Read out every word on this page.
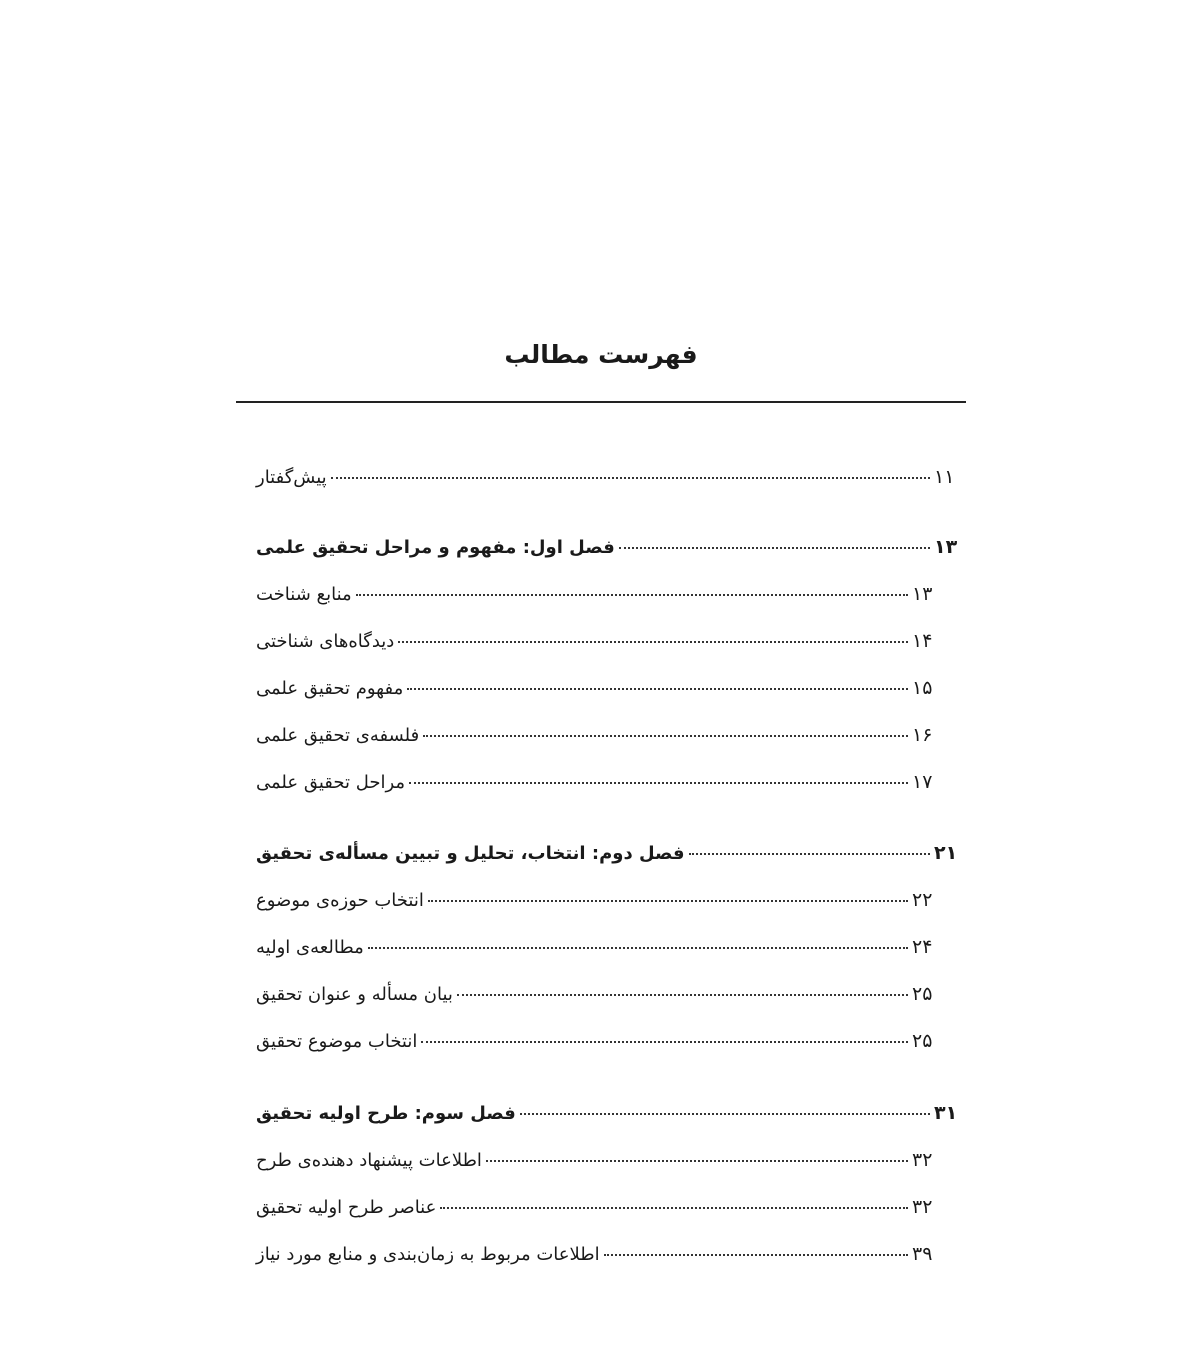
فهرست مطالب
پیش‌گفتار	۱۱
فصل اول: مفهوم و مراحل تحقیق علمی	۱۳
منابع شناخت	۱۳
دیدگاه‌های شناختی	۱۴
مفهوم تحقیق علمی	۱۵
فلسفه‌ی تحقیق علمی	۱۶
مراحل تحقیق علمی	۱۷
فصل دوم: انتخاب، تحلیل و تبیین مسأله‌ی تحقیق	۲۱
انتخاب حوزه‌ی موضوع	۲۲
مطالعه‌ی اولیه	۲۴
بیان مسأله و عنوان تحقیق	۲۵
انتخاب موضوع تحقیق	۲۵
فصل سوم: طرح اولیه تحقیق	۳۱
اطلاعات پیشنهاد دهنده‌ی طرح	۳۲
عناصر طرح اولیه تحقیق	۳۲
اطلاعات مربوط به زمان‌بندی و منابع مورد نیاز	۳۹
